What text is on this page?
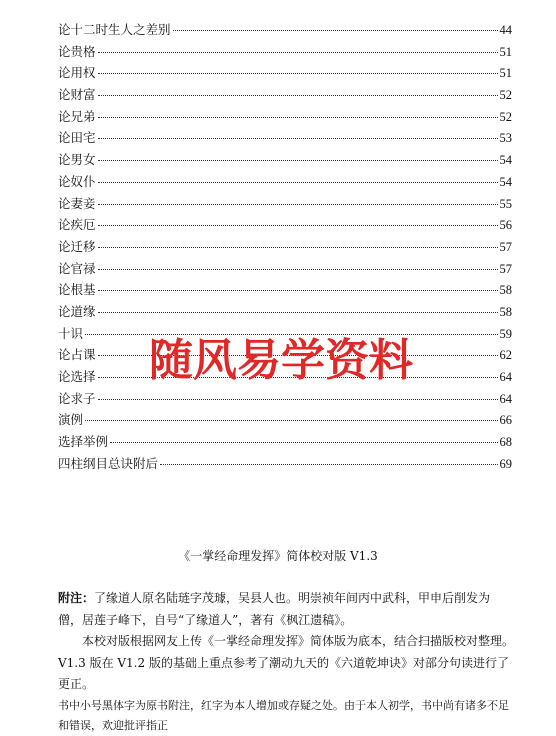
论十二时生人之差别	44
论贵格	51
论用权	51
论财富	52
论兄弟	52
论田宅	53
论男女	54
论奴仆	54
论妻妾	55
论疾厄	56
论迁移	57
论官禄	57
论根基	58
论道缘	58
十识	59
论占课	62
论选择	64
论求子	64
演例	66
选择举例	68
四柱纲目总诀附后	69
随风易学资料
《一掌经命理发挥》简体校对版 V1.3

附注：了缘道人原名陆琏字茂璩，吴县人也。明崇祯年间丙中武科，甲申后削发为僧，居莲子峰下，自号“了缘道人”，著有《枫江遗稿》。

本校对版根据网友上传《一掌经命理发挥》简体版为底本，结合扫描版校对整理。V1.3 版在 V1.2 版的基础上重点参考了潮动九天的《六道乾坤诀》对部分句读进行了更正。

书中小号黑体字为原书附注，红字为本人增加或存疑之处。由于本人初学，书中尚有诸多不足和错误，欢迎批评指正
